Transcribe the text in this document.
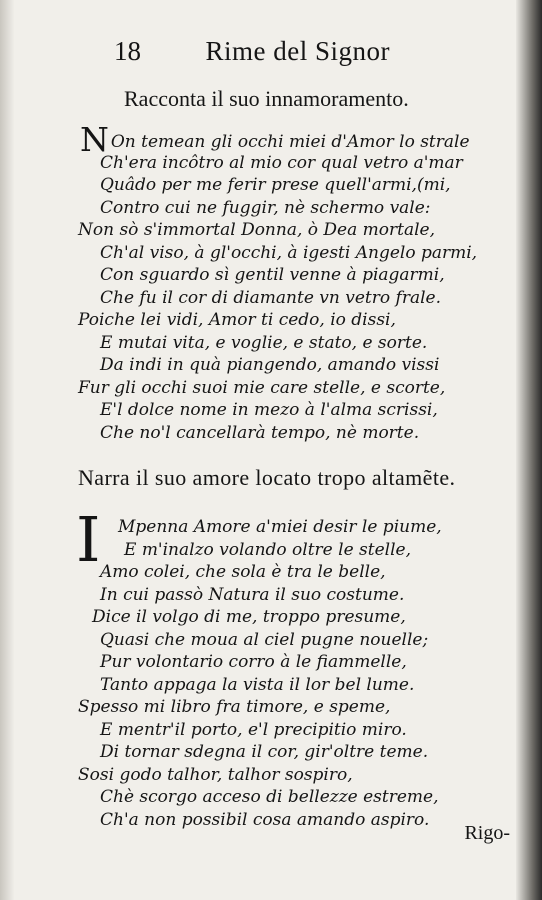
18 Rime del Signor
Racconta il suo innamoramento.
N On temean gli occhi miei d'Amor lo strale
Ch'era incôtro al mio cor qual vetro a'mar
Quâdo per me ferir prese quell'armi,(mi,
Contro cui ne fuggir, nè schermo vale:
Non sò s'immortal Donna, ò Dea mortale,
Ch'al viso, à gl'occhi, à igesti Angelo parmi,
Con sguardo sì gentil venne à piagarmi,
Che fu il cor di diamante vn vetro frale.
Poiche lei vidi, Amor ti cedo, io dissi,
E mutai vita, e voglie, e stato, e sorte.
Da indi in quà piangendo, amando vissi
Fur gli occhi suoi mie care stelle, e scorte,
E'l dolce nome in mezo à l'alma scrissi,
Che no'l cancellarà tempo, nè morte.
Narra il suo amore locato tropo altamẽte.
I	Mpenna Amore a'miei desir le piume,
E m'inalzo volando oltre le stelle,
Amo colei, che sola è tra le belle,
In cui passò Natura il suo costume.
Dice il volgo di me, troppo presume,
Quasi che moua al ciel pugne nouelle;
Pur volontario corro à le fiammelle,
Tanto appaga la vista il lor bel lume.
Spesso mi libro fra timore, e speme,
E mentr'il porto, e'l precipitio miro.
Di tornar sdegna il cor, gir'oltre teme.
Sosi godo talhor, talhor sospiro,
Chè scorgo acceso di bellezze estreme,
Ch'a non possibil cosa amando aspiro.
Rigo-
